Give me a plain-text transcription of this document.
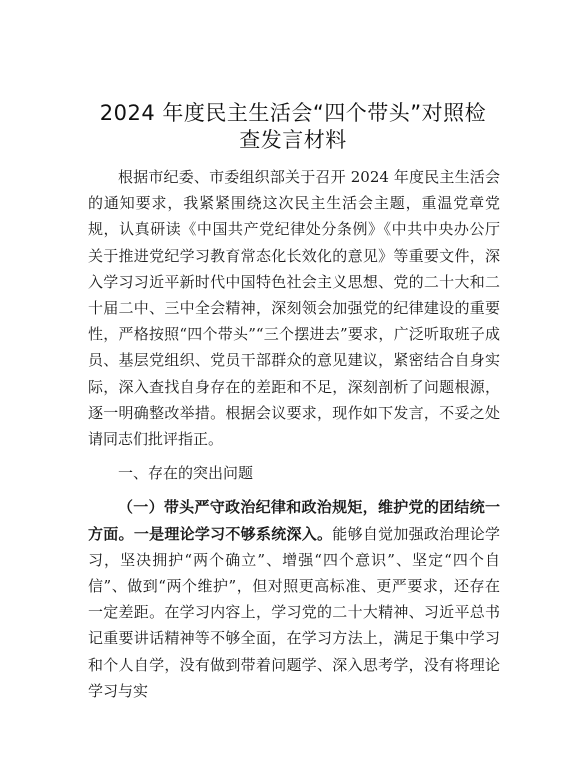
2024 年度民主生活会“四个带头”对照检查发言材料

根据市纪委、市委组织部关于召开 2024 年度民主生活会的通知要求，我紧紧围绕这次民主生活会主题，重温党章党规，认真研读《中国共产党纪律处分条例》《中共中央办公厅关于推进党纪学习教育常态化长效化的意见》等重要文件，深入学习习近平新时代中国特色社会主义思想、党的二十大和二十届二中、三中全会精神，深刻领会加强党的纪律建设的重要性，严格按照“四个带头”“三个摆进去”要求，广泛听取班子成员、基层党组织、党员干部群众的意见建议，紧密结合自身实际，深入查找自身存在的差距和不足，深刻剖析了问题根源，逐一明确整改举措。根据会议要求，现作如下发言，不妥之处请同志们批评指正。

一、存在的突出问题

（一）带头严守政治纪律和政治规矩，维护党的团结统一方面。一是理论学习不够系统深入。能够自觉加强政治理论学习，坚决拥护“两个确立”、增强“四个意识”、坚定“四个自信”、做到“两个维护”，但对照更高标准、更严要求，还存在一定差距。在学习内容上，学习党的二十大精神、习近平总书记重要讲话精神等不够全面，在学习方法上，满足于集中学习和个人自学，没有做到带着问题学、深入思考学，没有将理论学习与实
